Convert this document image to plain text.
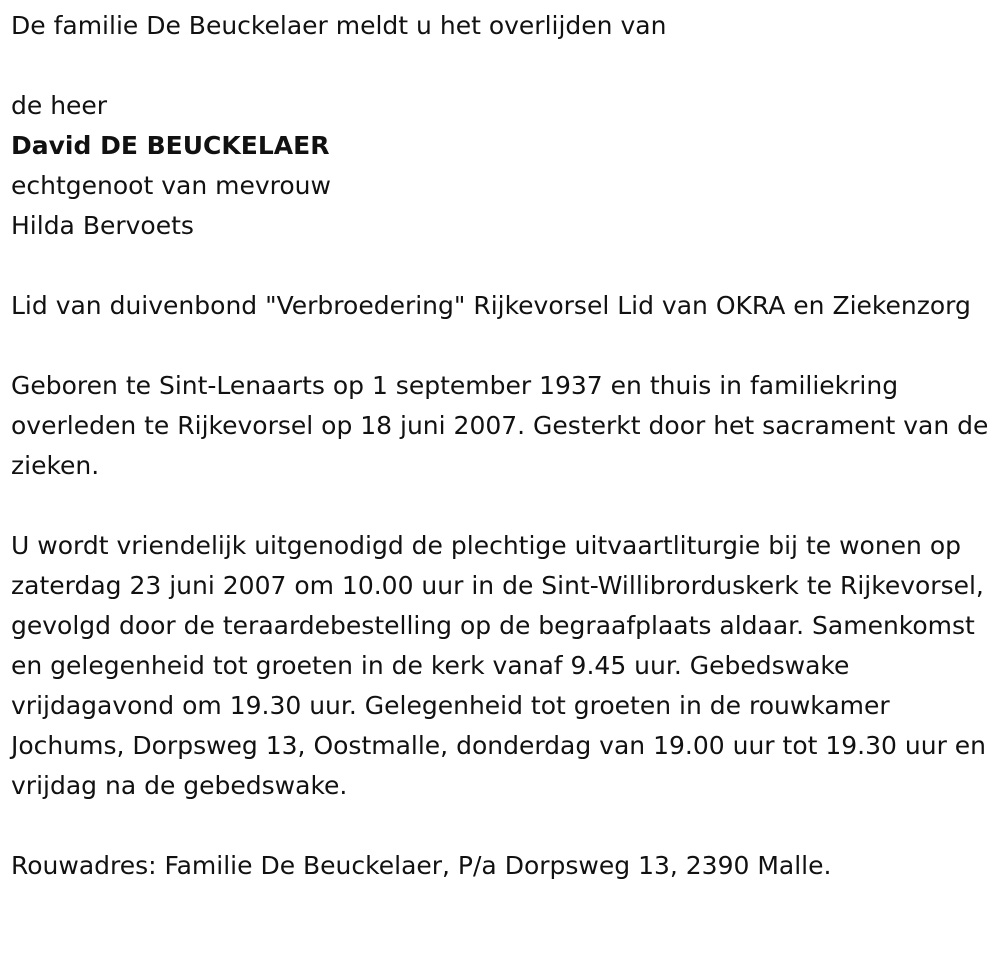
De familie De Beuckelaer meldt u het overlijden van

de heer

David DE BEUCKELAER

echtgenoot van mevrouw

Hilda Bervoets

Lid van duivenbond "Verbroedering" Rijkevorsel Lid van OKRA en Ziekenzorg

Geboren te Sint-Lenaarts op 1 september 1937 en thuis in familiekring overleden te Rijkevorsel op 18 juni 2007. Gesterkt door het sacrament van de zieken.

U wordt vriendelijk uitgenodigd de plechtige uitvaartliturgie bij te wonen op zaterdag 23 juni 2007 om 10.00 uur in de Sint-Willibrorduskerk te Rijkevorsel, gevolgd door de teraardebestelling op de begraafplaats aldaar. Samenkomst en gelegenheid tot groeten in de kerk vanaf 9.45 uur. Gebedswake vrijdagavond om 19.30 uur. Gelegenheid tot groeten in de rouwkamer Jochums, Dorpsweg 13, Oostmalle, donderdag van 19.00 uur tot 19.30 uur en vrijdag na de gebedswake.

Rouwadres: Familie De Beuckelaer, P/a Dorpsweg 13, 2390 Malle.
